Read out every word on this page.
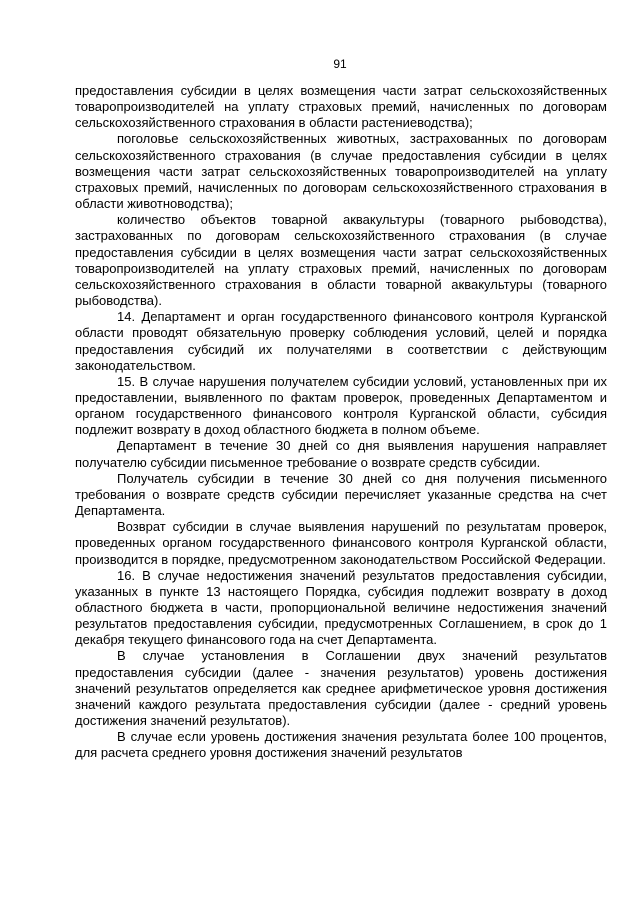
91

предоставления субсидии в целях возмещения части затрат сельскохозяйственных товаропроизводителей на уплату страховых премий, начисленных по договорам сельскохозяйственного страхования в области растениеводства);

поголовье сельскохозяйственных животных, застрахованных по договорам сельскохозяйственного страхования (в случае предоставления субсидии в целях возмещения части затрат сельскохозяйственных товаропроизводителей на уплату страховых премий, начисленных по договорам сельскохозяйственного страхования в области животноводства);

количество объектов товарной аквакультуры (товарного рыбоводства), застрахованных по договорам сельскохозяйственного страхования (в случае предоставления субсидии в целях возмещения части затрат сельскохозяйственных товаропроизводителей на уплату страховых премий, начисленных по договорам сельскохозяйственного страхования в области товарной аквакультуры (товарного рыбоводства).

14. Департамент и орган государственного финансового контроля Курганской области проводят обязательную проверку соблюдения условий, целей и порядка предоставления субсидий их получателями в соответствии с действующим законодательством.

15. В случае нарушения получателем субсидии условий, установленных при их предоставлении, выявленного по фактам проверок, проведенных Департаментом и органом государственного финансового контроля Курганской области, субсидия подлежит возврату в доход областного бюджета в полном объеме.

Департамент в течение 30 дней со дня выявления нарушения направляет получателю субсидии письменное требование о возврате средств субсидии.

Получатель субсидии в течение 30 дней со дня получения письменного требования о возврате средств субсидии перечисляет указанные средства на счет Департамента.

Возврат субсидии в случае выявления нарушений по результатам проверок, проведенных органом государственного финансового контроля Курганской области, производится в порядке, предусмотренном законодательством Российской Федерации.

16. В случае недостижения значений результатов предоставления субсидии, указанных в пункте 13 настоящего Порядка, субсидия подлежит возврату в доход областного бюджета в части, пропорциональной величине недостижения значений результатов предоставления субсидии, предусмотренных Соглашением, в срок до 1 декабря текущего финансового года на счет Департамента.

В случае установления в Соглашении двух значений результатов предоставления субсидии (далее - значения результатов) уровень достижения значений результатов определяется как среднее арифметическое уровня достижения значений каждого результата предоставления субсидии (далее - средний уровень достижения значений результатов).

В случае если уровень достижения значения результата более 100 процентов, для расчета среднего уровня достижения значений результатов
